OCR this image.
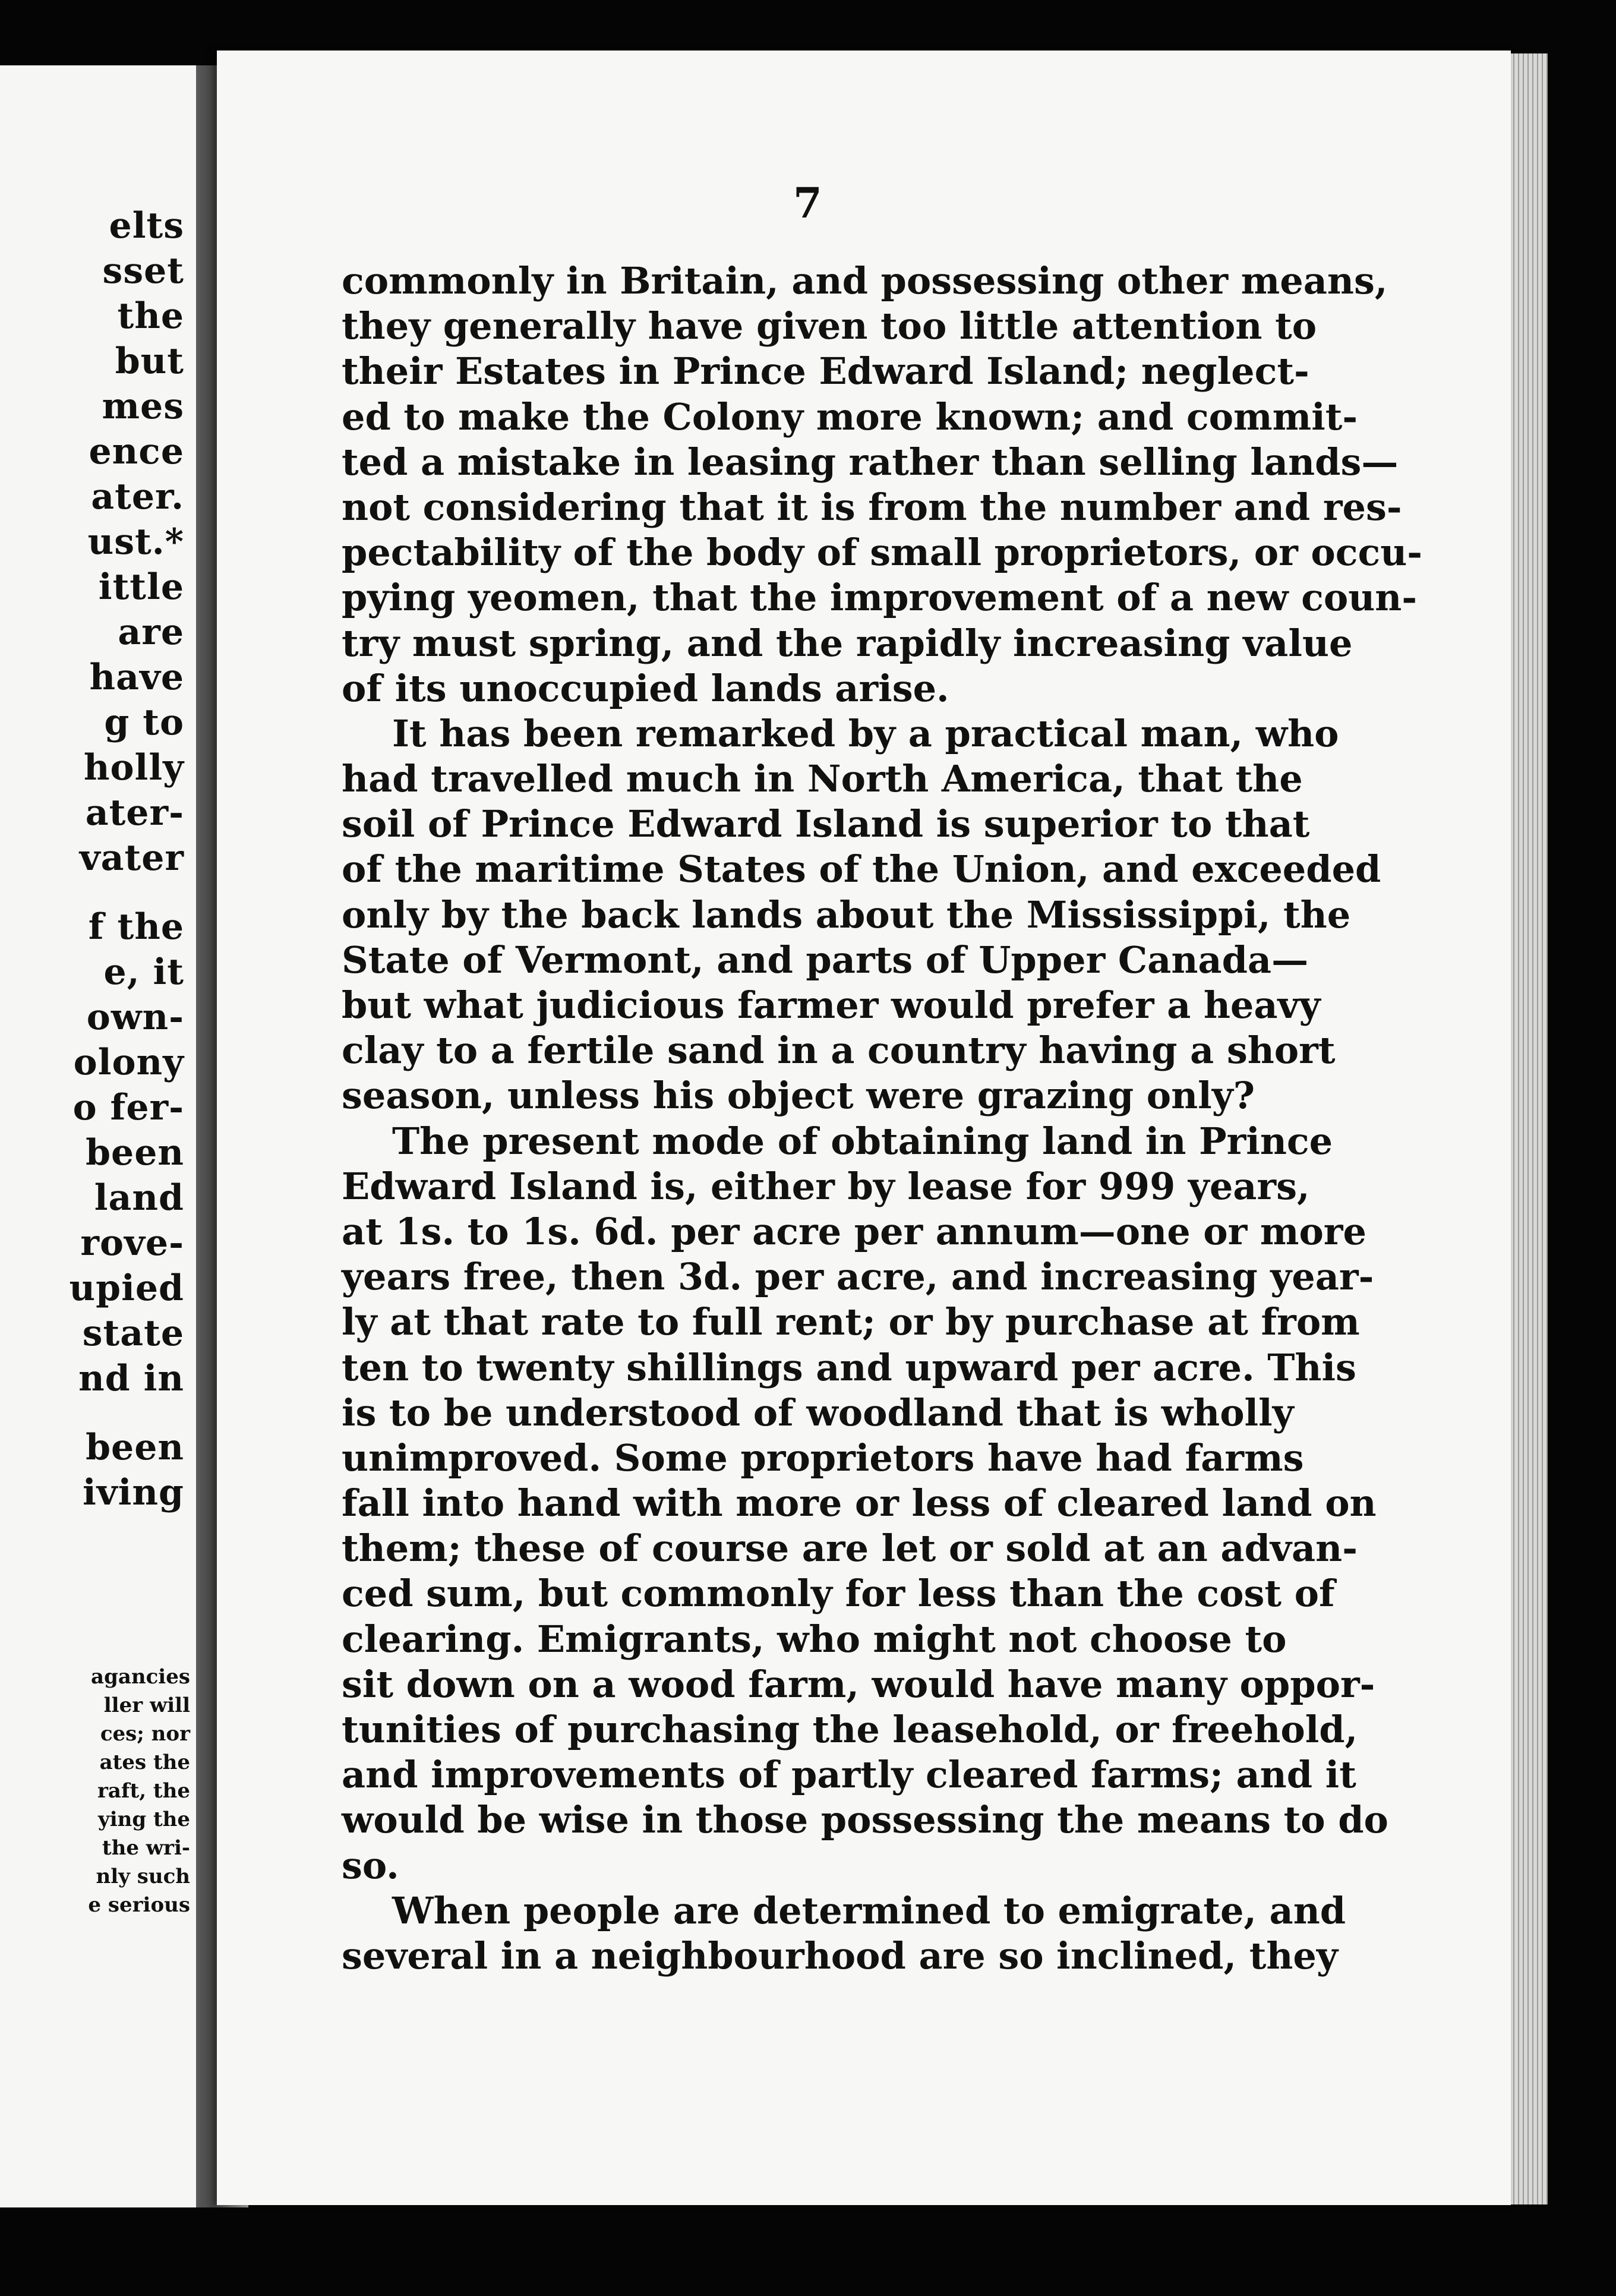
elts
sset
the
but
mes
ence
ater.
ust.*
ittle
are
have
g to
holly
ater-
vater
f the
e, it
own-
olony
o fer-
been
land
rove-
upied
state
nd in
been
iving
agancies
ller will
ces; nor
ates the
raft, the
ying the
the wri-
nly such
e serious
7
commonly in Britain, and possessing other means,
they generally have given too little attention to
their Estates in Prince Edward Island; neglect-
ed to make the Colony more known; and commit-
ted a mistake in leasing rather than selling lands—
not considering that it is from the number and res-
pectability of the body of small proprietors, or occu-
pying yeomen, that the improvement of a new coun-
try must spring, and the rapidly increasing value
of its unoccupied lands arise.
It has been remarked by a practical man, who
had travelled much in North America, that the
soil of Prince Edward Island is superior to that
of the maritime States of the Union, and exceeded
only by the back lands about the Mississippi, the
State of Vermont, and parts of Upper Canada—
but what judicious farmer would prefer a heavy
clay to a fertile sand in a country having a short
season, unless his object were grazing only?
The present mode of obtaining land in Prince
Edward Island is, either by lease for 999 years,
at 1s. to 1s. 6d. per acre per annum—one or more
years free, then 3d. per acre, and increasing year-
ly at that rate to full rent; or by purchase at from
ten to twenty shillings and upward per acre. This
is to be understood of woodland that is wholly
unimproved. Some proprietors have had farms
fall into hand with more or less of cleared land on
them; these of course are let or sold at an advan-
ced sum, but commonly for less than the cost of
clearing. Emigrants, who might not choose to
sit down on a wood farm, would have many oppor-
tunities of purchasing the leasehold, or freehold,
and improvements of partly cleared farms; and it
would be wise in those possessing the means to do
so.
When people are determined to emigrate, and
several in a neighbourhood are so inclined, they
